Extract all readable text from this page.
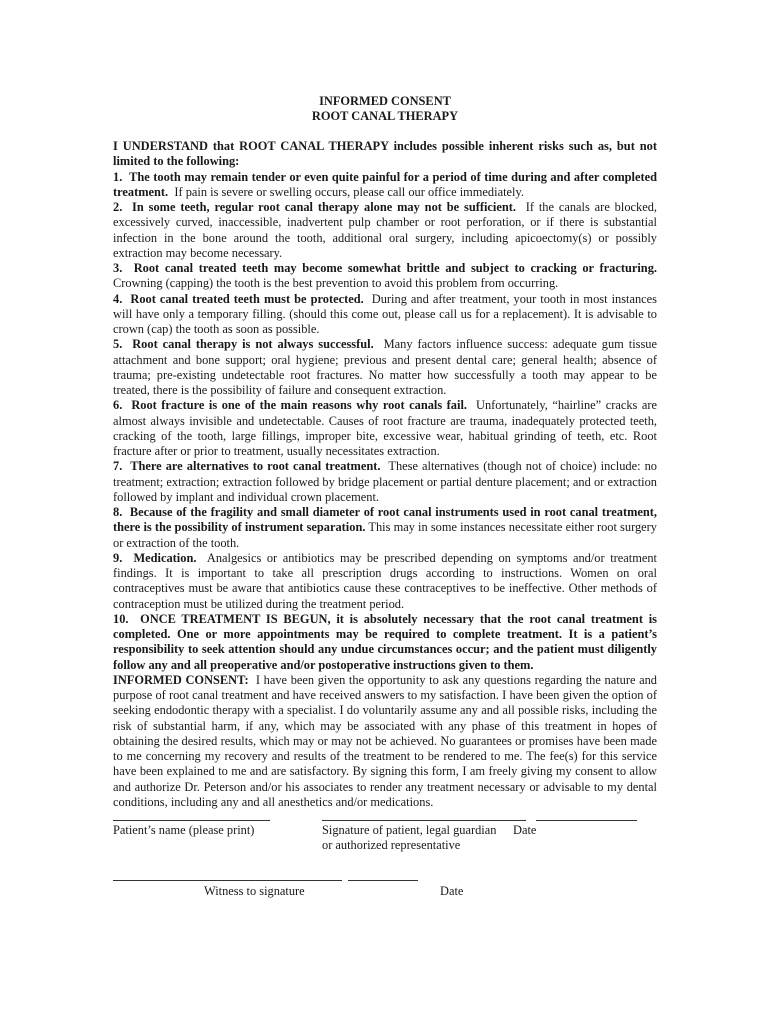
INFORMED CONSENT
ROOT CANAL THERAPY

I UNDERSTAND that ROOT CANAL THERAPY includes possible inherent risks such as, but not limited to the following:

1. The tooth may remain tender or even quite painful for a period of time during and after completed treatment. If pain is severe or swelling occurs, please call our office immediately.

2. In some teeth, regular root canal therapy alone may not be sufficient. If the canals are blocked, excessively curved, inaccessible, inadvertent pulp chamber or root perforation, or if there is substantial infection in the bone around the tooth, additional oral surgery, including apicoectomy(s) or possibly extraction may become necessary.

3. Root canal treated teeth may become somewhat brittle and subject to cracking or fracturing. Crowning (capping) the tooth is the best prevention to avoid this problem from occurring.

4. Root canal treated teeth must be protected. During and after treatment, your tooth in most instances will have only a temporary filling. (should this come out, please call us for a replacement). It is advisable to crown (cap) the tooth as soon as possible.

5. Root canal therapy is not always successful. Many factors influence success: adequate gum tissue attachment and bone support; oral hygiene; previous and present dental care; general health; absence of trauma; pre-existing undetectable root fractures. No matter how successfully a tooth may appear to be treated, there is the possibility of failure and consequent extraction.

6. Root fracture is one of the main reasons why root canals fail. Unfortunately, “hairline” cracks are almost always invisible and undetectable. Causes of root fracture are trauma, inadequately protected teeth, cracking of the tooth, large fillings, improper bite, excessive wear, habitual grinding of teeth, etc. Root fracture after or prior to treatment, usually necessitates extraction.

7. There are alternatives to root canal treatment. These alternatives (though not of choice) include: no treatment; extraction; extraction followed by bridge placement or partial denture placement; and or extraction followed by implant and individual crown placement.

8. Because of the fragility and small diameter of root canal instruments used in root canal treatment, there is the possibility of instrument separation. This may in some instances necessitate either root surgery or extraction of the tooth.

9. Medication. Analgesics or antibiotics may be prescribed depending on symptoms and/or treatment findings. It is important to take all prescription drugs according to instructions. Women on oral contraceptives must be aware that antibiotics cause these contraceptives to be ineffective. Other methods of contraception must be utilized during the treatment period.

10. ONCE TREATMENT IS BEGUN, it is absolutely necessary that the root canal treatment is completed. One or more appointments may be required to complete treatment. It is a patient’s responsibility to seek attention should any undue circumstances occur; and the patient must diligently follow any and all preoperative and/or postoperative instructions given to them.

INFORMED CONSENT: I have been given the opportunity to ask any questions regarding the nature and purpose of root canal treatment and have received answers to my satisfaction. I have been given the option of seeking endodontic therapy with a specialist. I do voluntarily assume any and all possible risks, including the risk of substantial harm, if any, which may be associated with any phase of this treatment in hopes of obtaining the desired results, which may or may not be achieved. No guarantees or promises have been made to me concerning my recovery and results of the treatment to be rendered to me. The fee(s) for this service have been explained to me and are satisfactory. By signing this form, I am freely giving my consent to allow and authorize Dr. Peterson and/or his associates to render any treatment necessary or advisable to my dental conditions, including any and all anesthetics and/or medications.

Patient’s name (please print)	Signature of patient, legal guardian Date
or authorized representative
Witness to signature	Date
